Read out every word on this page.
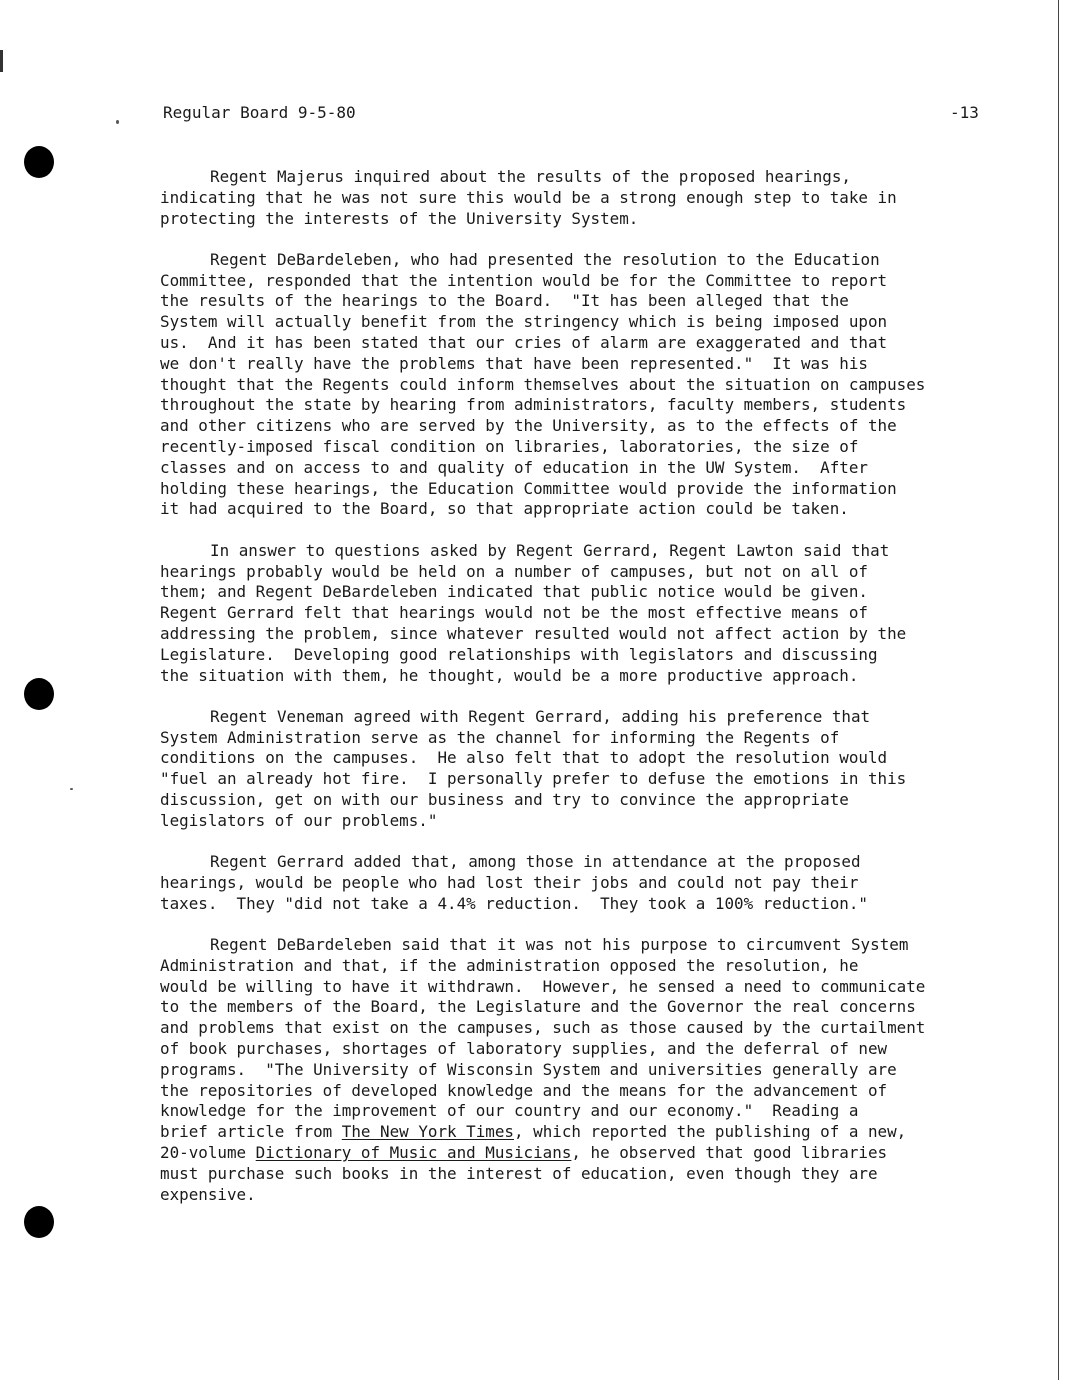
Regular Board 9-5-80	-13
Regent Majerus inquired about the results of the proposed hearings,
indicating that he was not sure this would be a strong enough step to take in
protecting the interests of the University System.
Regent DeBardeleben, who had presented the resolution to the Education
Committee, responded that the intention would be for the Committee to report
the results of the hearings to the Board.  "It has been alleged that the
System will actually benefit from the stringency which is being imposed upon
us.  And it has been stated that our cries of alarm are exaggerated and that
we don't really have the problems that have been represented."  It was his
thought that the Regents could inform themselves about the situation on campuses
throughout the state by hearing from administrators, faculty members, students
and other citizens who are served by the University, as to the effects of the
recently-imposed fiscal condition on libraries, laboratories, the size of
classes and on access to and quality of education in the UW System.  After
holding these hearings, the Education Committee would provide the information
it had acquired to the Board, so that appropriate action could be taken.
In answer to questions asked by Regent Gerrard, Regent Lawton said that
hearings probably would be held on a number of campuses, but not on all of
them; and Regent DeBardeleben indicated that public notice would be given.
Regent Gerrard felt that hearings would not be the most effective means of
addressing the problem, since whatever resulted would not affect action by the
Legislature.  Developing good relationships with legislators and discussing
the situation with them, he thought, would be a more productive approach.
Regent Veneman agreed with Regent Gerrard, adding his preference that
System Administration serve as the channel for informing the Regents of
conditions on the campuses.  He also felt that to adopt the resolution would
"fuel an already hot fire.  I personally prefer to defuse the emotions in this
discussion, get on with our business and try to convince the appropriate
legislators of our problems."
Regent Gerrard added that, among those in attendance at the proposed
hearings, would be people who had lost their jobs and could not pay their
taxes.  They "did not take a 4.4% reduction.  They took a 100% reduction."
Regent DeBardeleben said that it was not his purpose to circumvent System
Administration and that, if the administration opposed the resolution, he
would be willing to have it withdrawn.  However, he sensed a need to communicate
to the members of the Board, the Legislature and the Governor the real concerns
and problems that exist on the campuses, such as those caused by the curtailment
of book purchases, shortages of laboratory supplies, and the deferral of new
programs.  "The University of Wisconsin System and universities generally are
the repositories of developed knowledge and the means for the advancement of
knowledge for the improvement of our country and our economy."  Reading a
brief article from The New York Times, which reported the publishing of a new,
20-volume Dictionary of Music and Musicians, he observed that good libraries
must purchase such books in the interest of education, even though they are
expensive.
